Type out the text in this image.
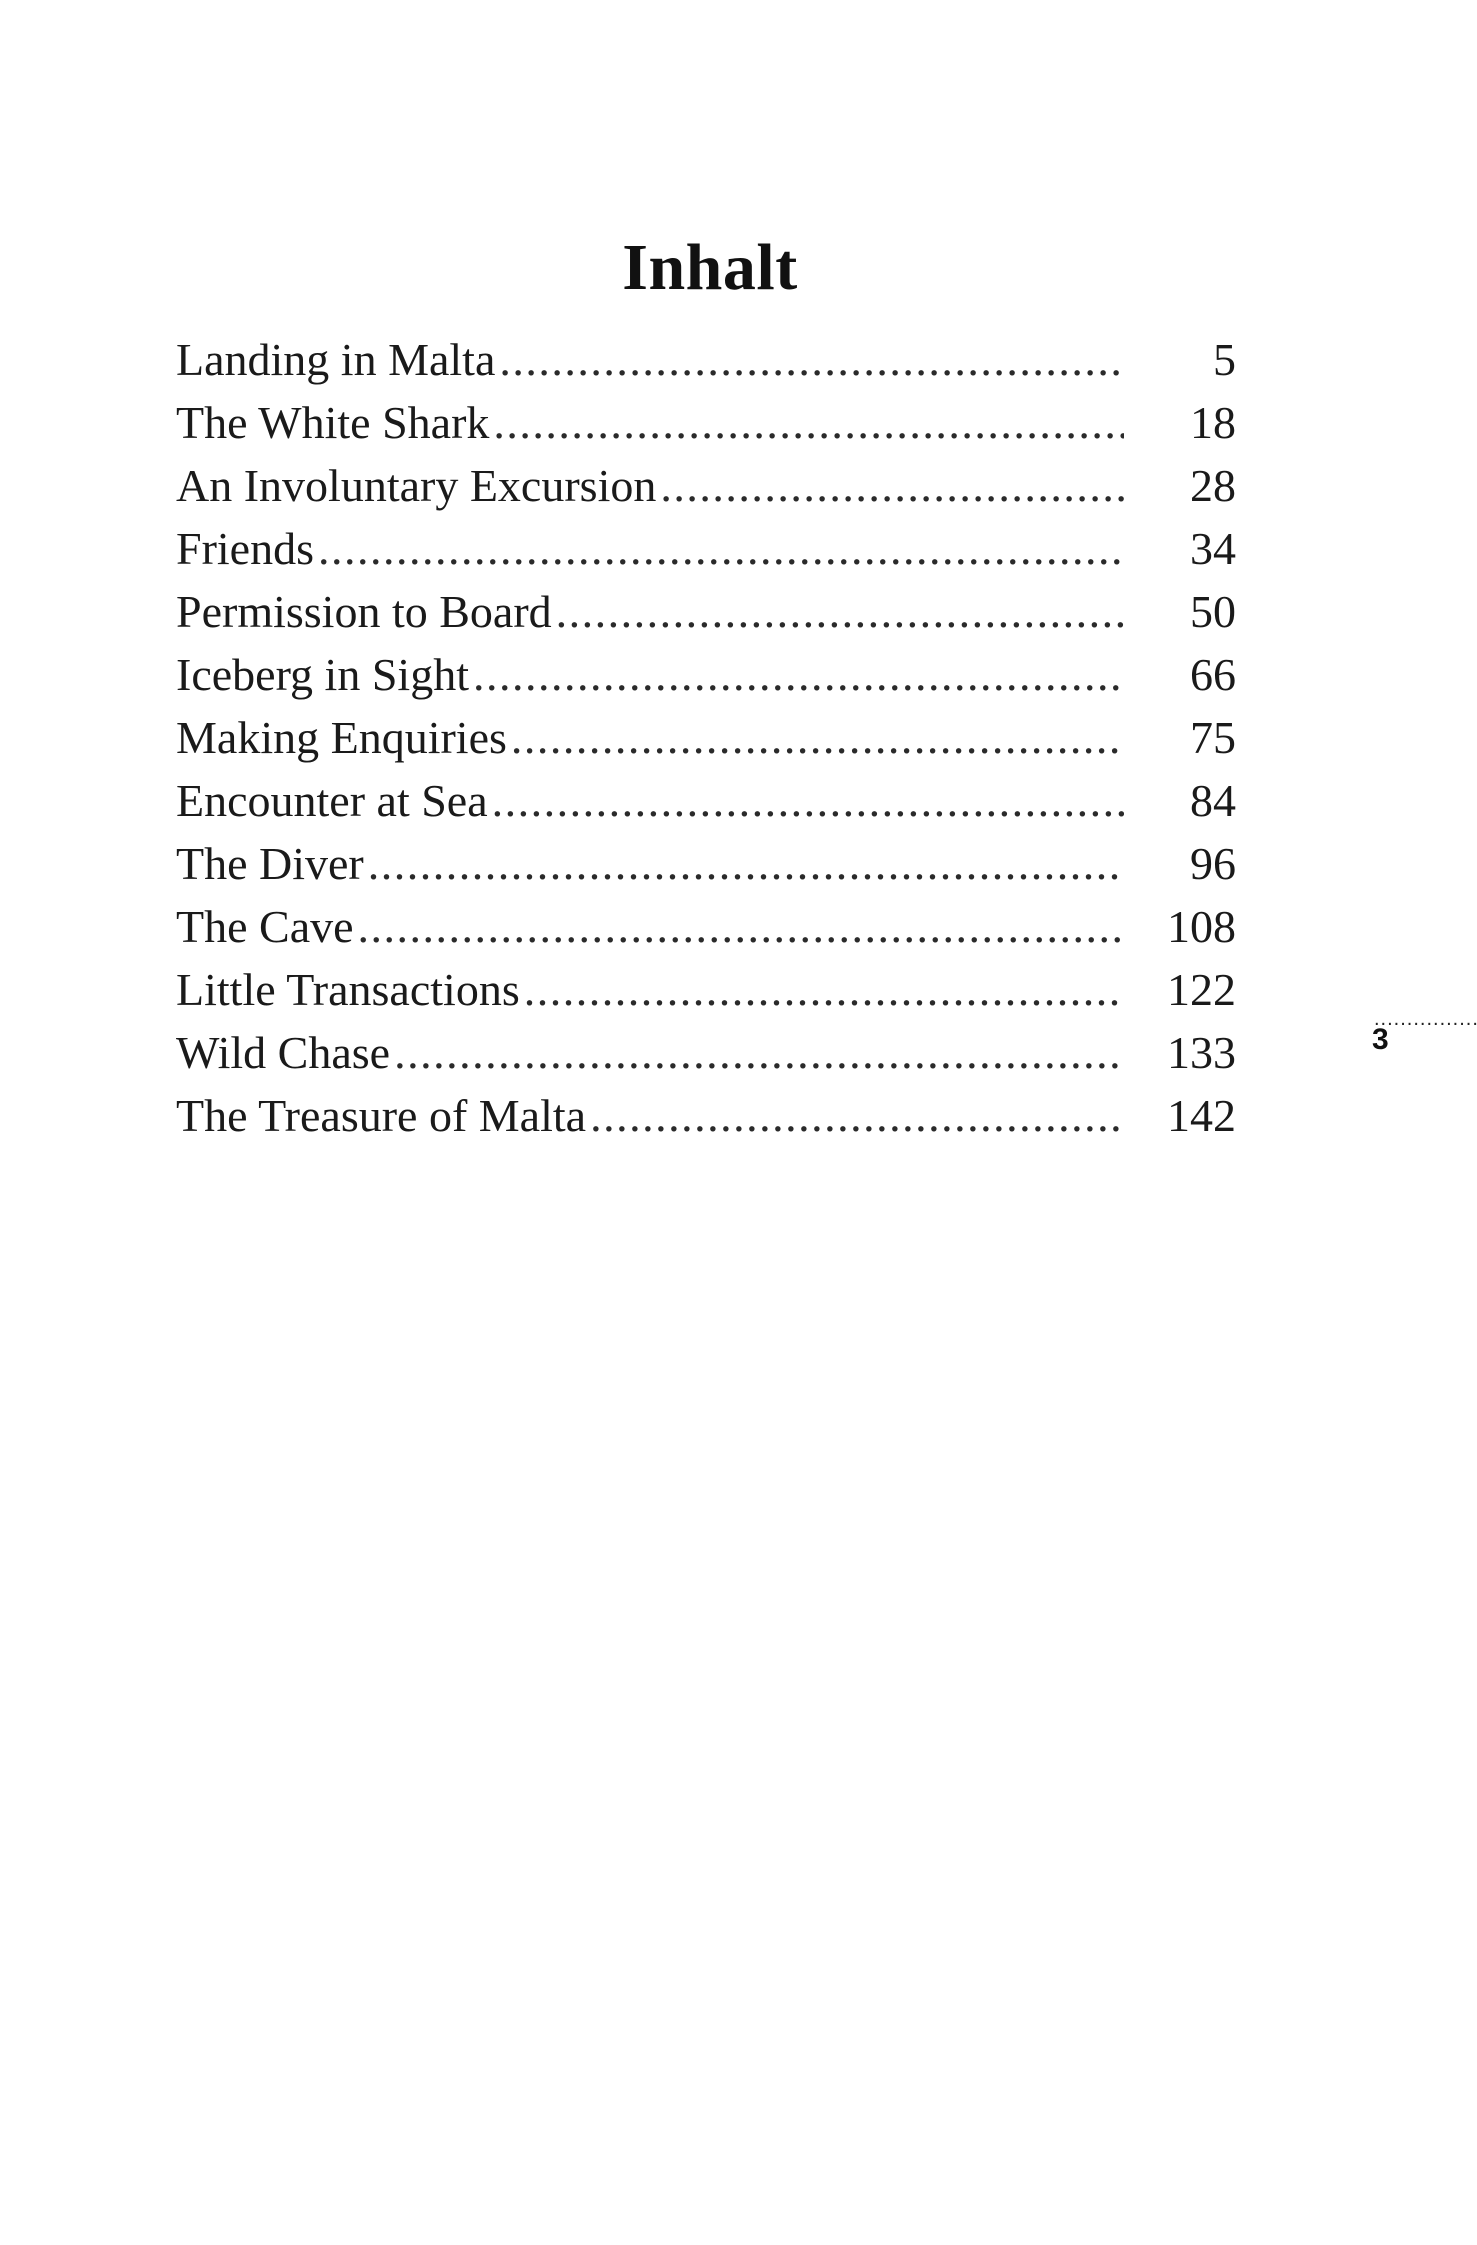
Inhalt
Landing in Malta .....	5
The White Shark .....	18
An Involuntary Excursion .....	28
Friends .....	34
Permission to Board .....	50
Iceberg in Sight .....	66
Making Enquiries .....	75
Encounter at Sea .....	84
The Diver .....	96
The Cave .....	108
Little Transactions .....	122
Wild Chase .....	133
The Treasure of Malta .....	142
.....
3
